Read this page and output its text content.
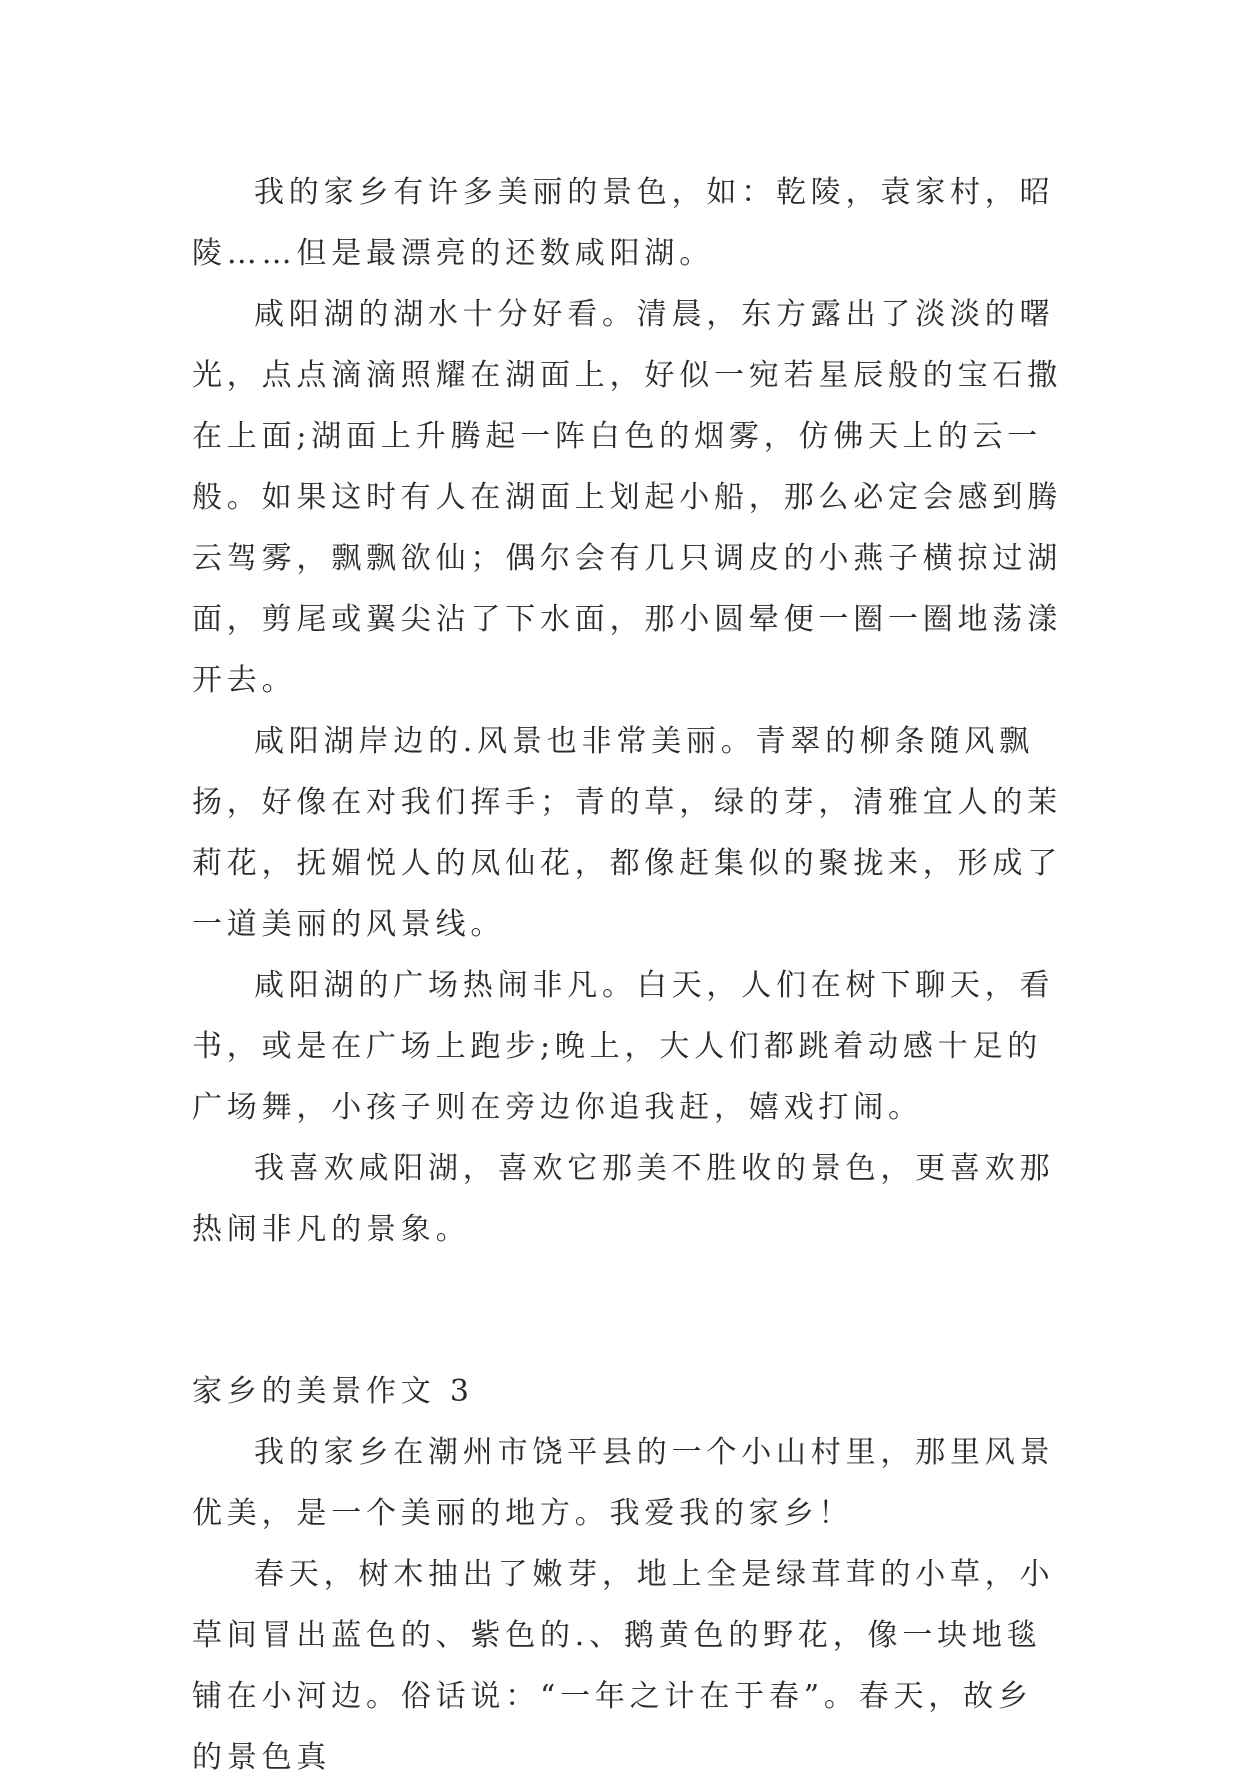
我的家乡有许多美丽的景色，如：乾陵，袁家村，昭陵……但是最漂亮的还数咸阳湖。

咸阳湖的湖水十分好看。清晨，东方露出了淡淡的曙光，点点滴滴照耀在湖面上，好似一宛若星辰般的宝石撒在上面;湖面上升腾起一阵白色的烟雾，仿佛天上的云一般。如果这时有人在湖面上划起小船，那么必定会感到腾云驾雾，飘飘欲仙；偶尔会有几只调皮的小燕子横掠过湖面，剪尾或翼尖沾了下水面，那小圆晕便一圈一圈地荡漾开去。

咸阳湖岸边的.风景也非常美丽。青翠的柳条随风飘扬，好像在对我们挥手；青的草，绿的芽，清雅宜人的茉莉花，抚媚悦人的凤仙花，都像赶集似的聚拢来，形成了一道美丽的风景线。

咸阳湖的广场热闹非凡。白天，人们在树下聊天，看书，或是在广场上跑步;晚上，大人们都跳着动感十足的广场舞，小孩子则在旁边你追我赶，嬉戏打闹。

我喜欢咸阳湖，喜欢它那美不胜收的景色，更喜欢那热闹非凡的景象。

家乡的美景作文 3

我的家乡在潮州市饶平县的一个小山村里，那里风景优美，是一个美丽的地方。我爱我的家乡！

春天，树木抽出了嫩芽，地上全是绿茸茸的小草，小草间冒出蓝色的、紫色的.、鹅黄色的野花，像一块地毯铺在小河边。俗话说：“一年之计在于春”。春天，故乡的景色真
